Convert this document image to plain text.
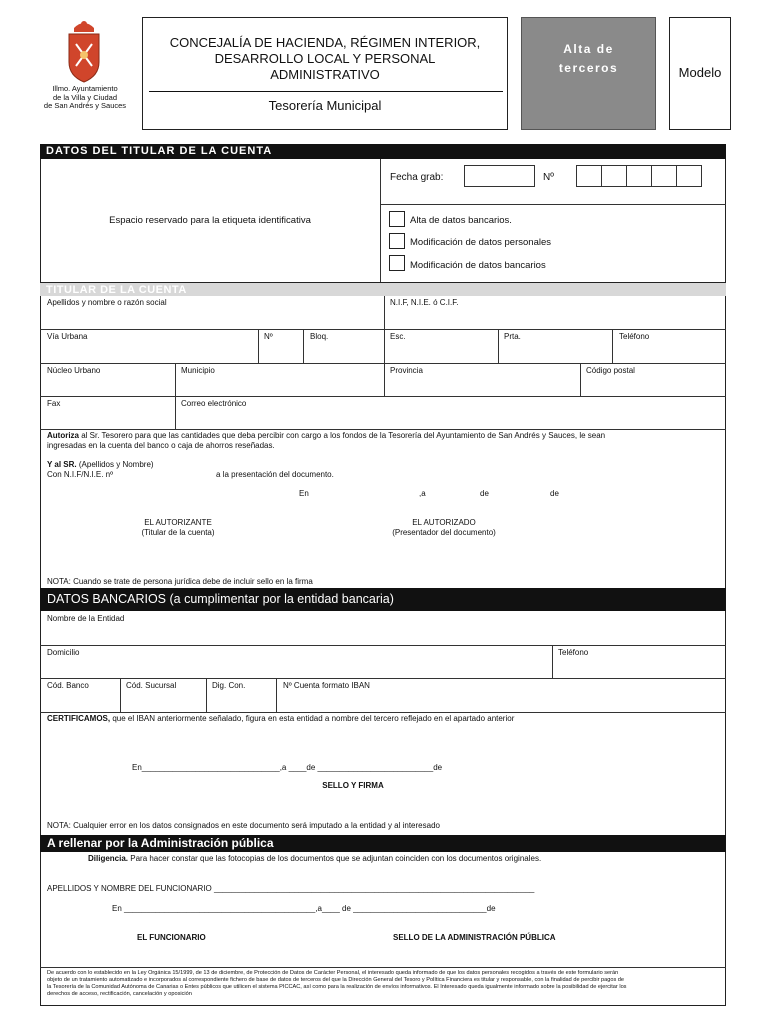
Illmo. Ayuntamiento
de la Villa y Ciudad
de San Andrés y Sauces
CONCEJALÍA DE HACIENDA, RÉGIMEN INTERIOR,
DESARROLLO LOCAL Y PERSONAL
ADMINISTRATIVO
Tesorería Municipal
Alta de
terceros	Modelo
DATOS DEL TITULAR DE LA CUENTA
Espacio reservado para la etiqueta identificativa
Fecha grab:	Nº
Alta de datos bancarios.
Modificación de datos personales
Modificación de datos bancarios
TITULAR DE LA CUENTA
Apellidos y nombre o razón social	N.I.F, N.I.E. ó C.I.F.
Vía Urbana	Nº	Bloq.	Esc.	Prta.	Teléfono
Núcleo Urbano	Municipio	Provincia	Código postal
Fax	Correo electrónico
Autoriza al Sr. Tesorero para que las cantidades que deba percibir con cargo a los fondos de la Tesorería del Ayuntamiento de San Andrés y Sauces, le sean
ingresadas en la cuenta del banco o caja de ahorros reseñadas.
Y al SR. (Apellidos y Nombre)
Con N.I.F/N.I.E. nº	a la presentación del documento.
En	,a	de	de
EL AUTORIZANTE
(Titular de la cuenta)
EL AUTORIZADO
(Presentador del documento)
NOTA: Cuando se trate de persona jurídica debe de incluir sello en la firma
DATOS BANCARIOS (a cumplimentar por la entidad bancaria)
Nombre de la Entidad
Domicilio	Teléfono
Cód. Banco	Cód. Sucursal	Dig. Con.	Nº Cuenta formato IBAN
CERTIFICAMOS, que el IBAN anteriormente señalado, figura en esta entidad a nombre del tercero reflejado en el apartado anterior
En_______________________________,a ____de __________________________de
SELLO Y FIRMA
NOTA: Cualquier error en los datos consignados en este documento será imputado a la entidad y al interesado
A rellenar por la Administración pública
Diligencia. Para hacer constar que las fotocopias de los documentos que se adjuntan coinciden con los documentos originales.
APELLIDOS Y NOMBRE DEL FUNCIONARIO ________________________________________________________________________
En ___________________________________________,a____ de ______________________________de
EL FUNCIONARIO	SELLO DE LA ADMINISTRACIÓN PÚBLICA
De acuerdo con lo establecido en la Ley Orgánica 15/1999, de 13 de diciembre, de Protección de Datos de Carácter Personal, el interesado queda informado de que los datos personales recogidos a través de este formulario serán
objeto de un tratamiento automatizado e incorporados al correspondiente fichero de base de datos de terceros del que la Dirección General del Tesoro y Política Financiera es titular y responsable, con la finalidad de percibir pagos de
la Tesorería de la Comunidad Autónoma de Canarias o Entes públicos que utilicen el sistema PICCAC, así como para la realización de envíos informativos. El Interesado queda igualmente informado sobre la posibilidad de ejercitar los
derechos de acceso, rectificación, cancelación y oposición
